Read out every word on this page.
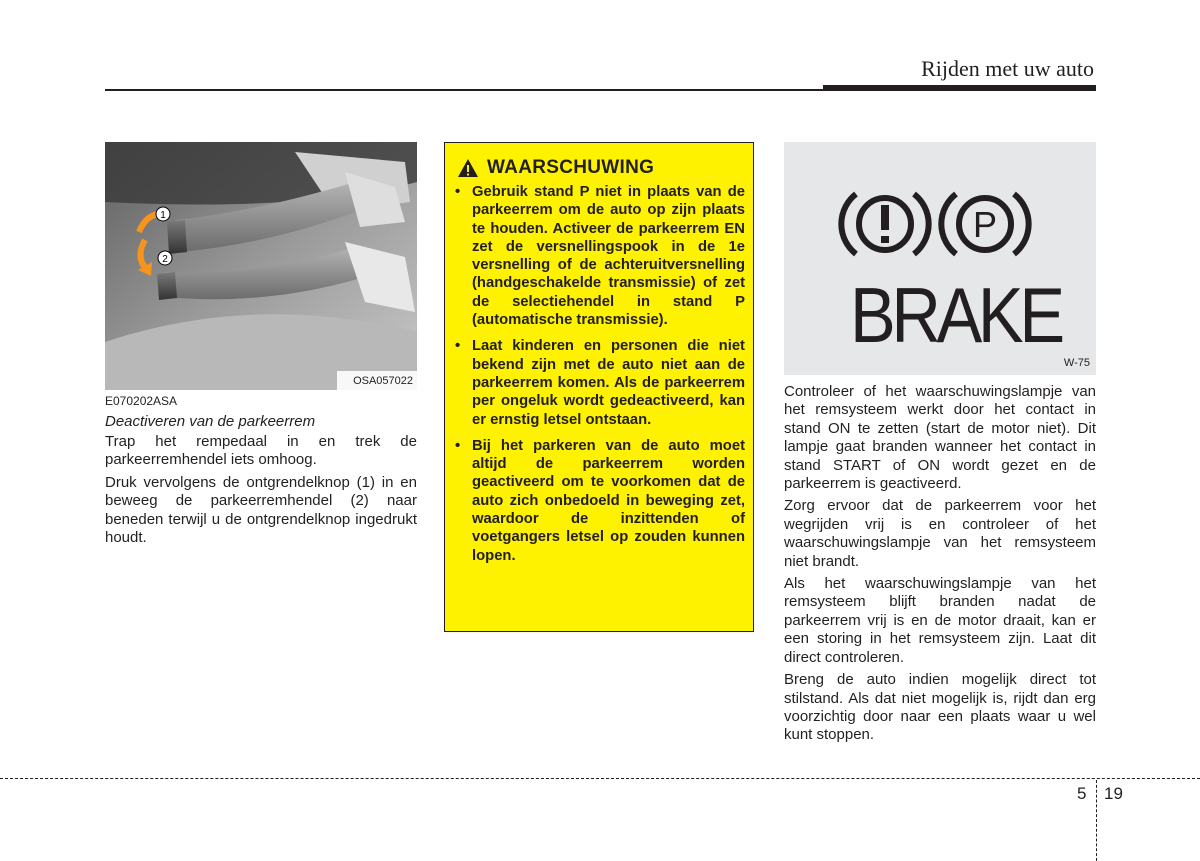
Rijden met uw auto
1
2
OSA057022
E070202ASA
Deactiveren van de parkeerrem

Trap het rempedaal in en trek de parkeerremhendel iets omhoog.

Druk vervolgens de ontgrendelknop (1) in en beweeg de parkeerremhendel (2) naar beneden terwijl u de ontgrendelknop ingedrukt houdt.

WAARSCHUWING
• Gebruik stand P niet in plaats van de parkeerrem om de auto op zijn plaats te houden. Activeer de parkeerrem EN zet de versnellingspook in de 1e versnelling of de achteruitversnelling (handgeschakelde transmissie) of zet de selectiehendel in stand P (automatische transmissie).
• Laat kinderen en personen die niet bekend zijn met de auto niet aan de parkeerrem komen. Als de parkeerrem per ongeluk wordt gedeactiveerd, kan er ernstig letsel ontstaan.
• Bij het parkeren van de auto moet altijd de parkeerrem worden geactiveerd om te voorkomen dat de auto zich onbedoeld in beweging zet, waardoor de inzittenden of voetgangers letsel op zouden kunnen lopen.
P
BRAKE
W-75

Controleer of het waarschuwingslampje van het remsysteem werkt door het contact in stand ON te zetten (start de motor niet). Dit lampje gaat branden wanneer het contact in stand START of ON wordt gezet en de parkeerrem is geactiveerd.

Zorg ervoor dat de parkeerrem voor het wegrijden vrij is en controleer of het waarschuwingslampje van het remsysteem niet brandt.

Als het waarschuwingslampje van het remsysteem blijft branden nadat de parkeerrem vrij is en de motor draait, kan er een storing in het remsysteem zijn. Laat dit direct controleren.

Breng de auto indien mogelijk direct tot stilstand. Als dat niet mogelijk is, rijdt dan erg voorzichtig door naar een plaats waar u wel kunt stoppen.

5 19
